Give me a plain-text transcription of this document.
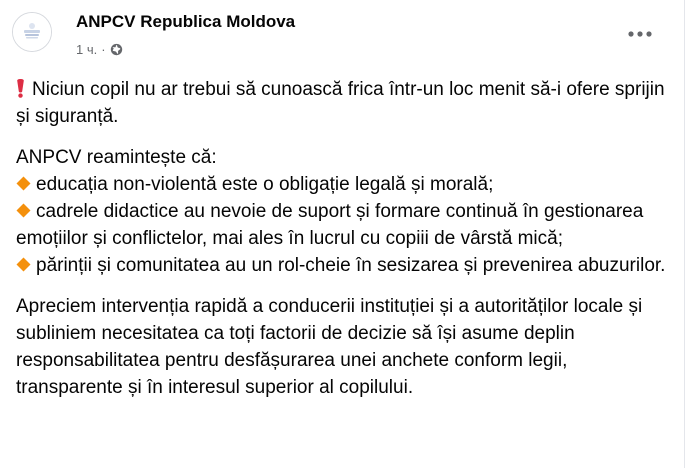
ANPCV Republica Moldova
1 ч. ·

Niciun copil nu ar trebui să cunoască frica într-un loc menit să-i ofere sprijin și siguranță.

ANPCV reamintește că:

educația non-violentă este o obligație legală și morală;

cadrele didactice au nevoie de suport și formare continuă în gestionarea emoțiilor și conflictelor, mai ales în lucrul cu copiii de vârstă mică;

părinții și comunitatea au un rol-cheie în sesizarea și prevenirea abuzurilor.

Apreciem intervenția rapidă a conducerii instituției și a autorităților locale și subliniem necesitatea ca toți factorii de decizie să își asume deplin responsabilitatea pentru desfășurarea unei anchete conform legii, transparente și în interesul superior al copilului.
